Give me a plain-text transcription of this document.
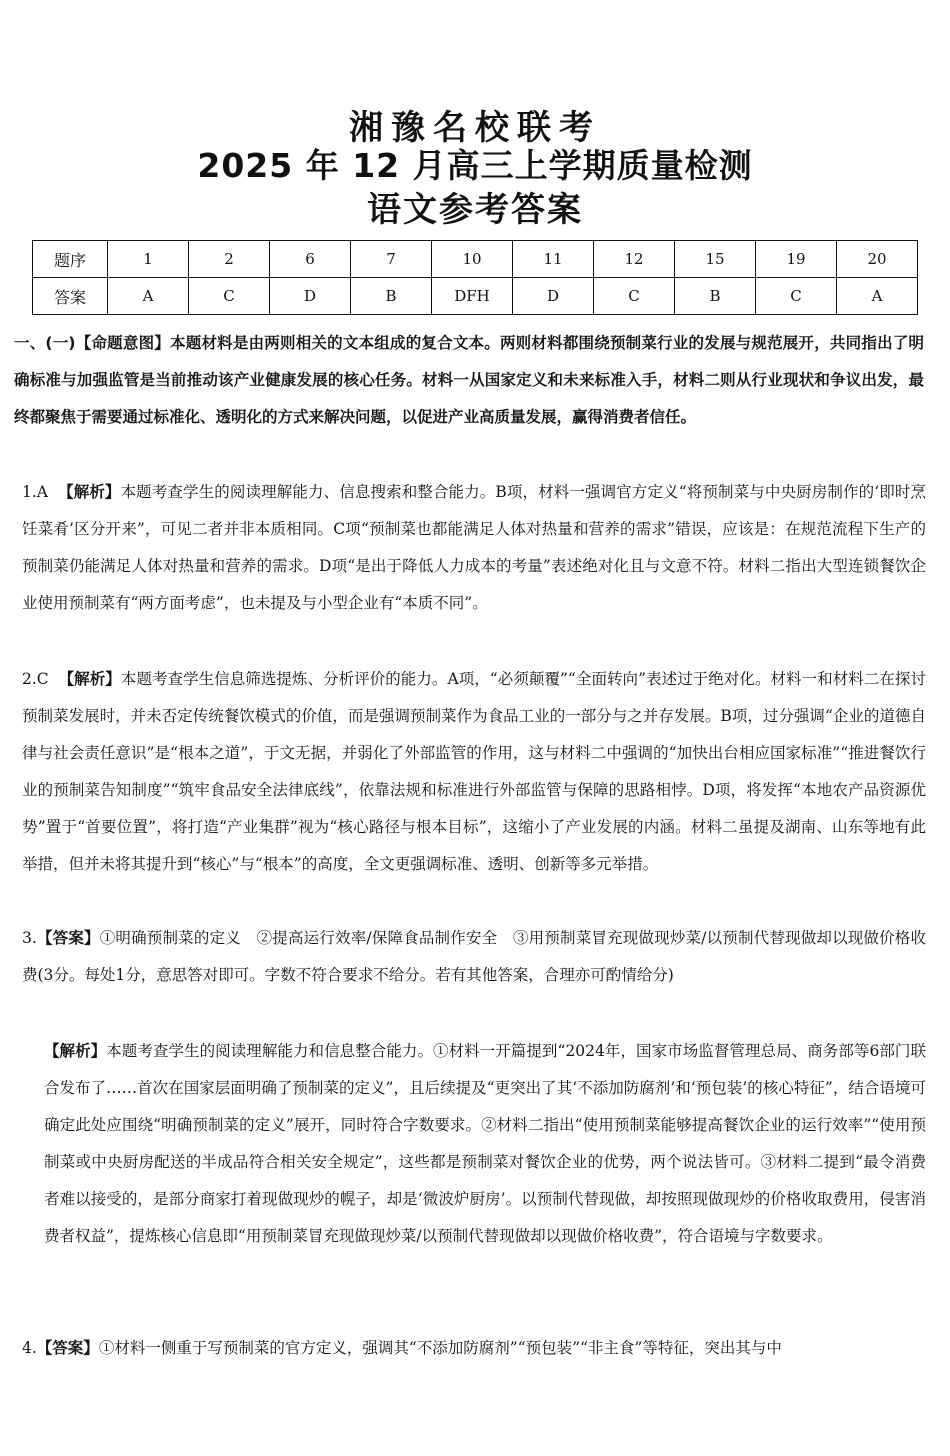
湘豫名校联考
2025 年 12 月高三上学期质量检测
语文参考答案
题序	1	2	6	7	10	11	12	15	19	20
答案	A	C	D	B	DFH	D	C	B	C	A
一、(一)【命题意图】本题材料是由两则相关的文本组成的复合文本。两则材料都围绕预制菜行业的发展与规范展开，共同指出了明确标准与加强监管是当前推动该产业健康发展的核心任务。材料一从国家定义和未来标准入手，材料二则从行业现状和争议出发，最终都聚焦于需要通过标准化、透明化的方式来解决问题，以促进产业高质量发展，赢得消费者信任。
1.A 【解析】本题考查学生的阅读理解能力、信息搜索和整合能力。B项，材料一强调官方定义“将预制菜与中央厨房制作的‘即时烹饪菜肴’区分开来”，可见二者并非本质相同。C项“预制菜也都能满足人体对热量和营养的需求”错误，应该是：在规范流程下生产的预制菜仍能满足人体对热量和营养的需求。D项“是出于降低人力成本的考量”表述绝对化且与文意不符。材料二指出大型连锁餐饮企业使用预制菜有“两方面考虑”，也未提及与小型企业有“本质不同”。
2.C 【解析】本题考查学生信息筛选提炼、分析评价的能力。A项，“必须颠覆”“全面转向”表述过于绝对化。材料一和材料二在探讨预制菜发展时，并未否定传统餐饮模式的价值，而是强调预制菜作为食品工业的一部分与之并存发展。B项，过分强调“企业的道德自律与社会责任意识”是“根本之道”，于文无据，并弱化了外部监管的作用，这与材料二中强调的“加快出台相应国家标准”“推进餐饮行业的预制菜告知制度”“筑牢食品安全法律底线”，依靠法规和标准进行外部监管与保障的思路相悖。D项，将发挥“本地农产品资源优势”置于“首要位置”，将打造“产业集群”视为“核心路径与根本目标”，这缩小了产业发展的内涵。材料二虽提及湖南、山东等地有此举措，但并未将其提升到“核心”与“根本”的高度，全文更强调标准、透明、创新等多元举措。
3.【答案】①明确预制菜的定义　②提高运行效率/保障食品制作安全　③用预制菜冒充现做现炒菜/以预制代替现做却以现做价格收费(3分。每处1分，意思答对即可。字数不符合要求不给分。若有其他答案，合理亦可酌情给分)
【解析】本题考查学生的阅读理解能力和信息整合能力。①材料一开篇提到“2024年，国家市场监督管理总局、商务部等6部门联合发布了……首次在国家层面明确了预制菜的定义”，且后续提及“更突出了其‘不添加防腐剂’和‘预包装’的核心特征”，结合语境可确定此处应围绕“明确预制菜的定义”展开，同时符合字数要求。②材料二指出“使用预制菜能够提高餐饮企业的运行效率”“使用预制菜或中央厨房配送的半成品符合相关安全规定”，这些都是预制菜对餐饮企业的优势，两个说法皆可。③材料二提到“最令消费者难以接受的，是部分商家打着现做现炒的幌子，却是‘微波炉厨房’。以预制代替现做，却按照现做现炒的价格收取费用，侵害消费者权益”，提炼核心信息即“用预制菜冒充现做现炒菜/以预制代替现做却以现做价格收费”，符合语境与字数要求。
4.【答案】①材料一侧重于写预制菜的官方定义，强调其“不添加防腐剂”“预包装”“非主食”等特征，突出其与中
